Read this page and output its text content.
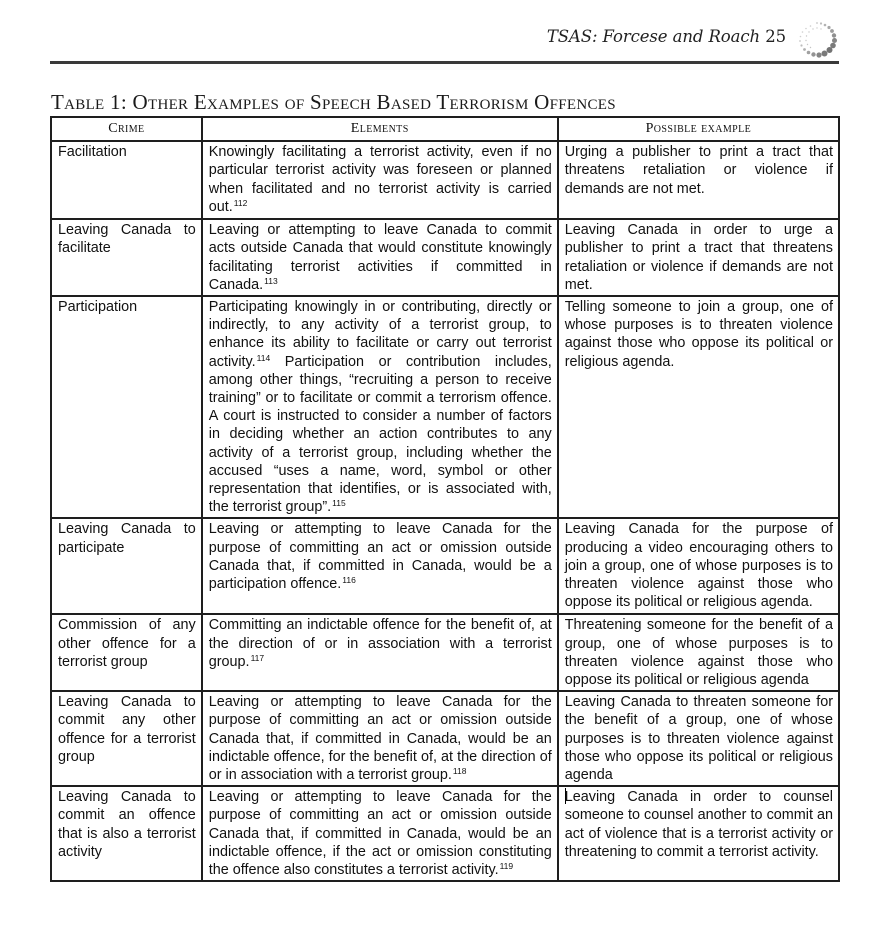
TSAS: Forcese and Roach 25
Table 1: Other Examples of Speech Based Terrorism Offences
Crime	Elements	Possible example
Facilitation	Knowingly facilitating a terrorist activity, even if no particular terrorist activity was foreseen or planned when facilitated and no terrorist activity is carried out.$^{112}$	Urging a publisher to print a tract that threatens retaliation or violence if demands are not met.
Leaving Canada to facilitate	Leaving or attempting to leave Canada to commit acts outside Canada that would constitute knowingly facilitating terrorist activities if committed in Canada.$^{113}$	Leaving Canada in order to urge a publisher to print a tract that threatens retaliation or violence if demands are not met.
Participation	Participating knowingly in or contributing, directly or indirectly, to any activity of a terrorist group, to enhance its ability to facilitate or carry out terrorist activity.$^{114}$ Participation or contribution includes, among other things, “recruiting a person to receive training” or to facilitate or commit a terrorism offence. A court is instructed to consider a number of factors in deciding whether an action contributes to any activity of a terrorist group, including whether the accused “uses a name, word, symbol or other representation that identifies, or is associated with, the terrorist group”.$^{115}$	Telling someone to join a group, one of whose purposes is to threaten violence against those who oppose its political or religious agenda.
Leaving Canada to participate	Leaving or attempting to leave Canada for the purpose of committing an act or omission outside Canada that, if committed in Canada, would be a participation offence.$^{116}$	Leaving Canada for the purpose of producing a video encouraging others to join a group, one of whose purposes is to threaten violence against those who oppose its political or religious agenda.
Commission of any other offence for a terrorist group	Committing an indictable offence for the benefit of, at the direction of or in association with a terrorist group.$^{117}$	Threatening someone for the benefit of a group, one of whose purposes is to threaten violence against those who oppose its political or religious agenda
Leaving Canada to commit any other offence for a terrorist group	Leaving or attempting to leave Canada for the purpose of committing an act or omission outside Canada that, if committed in Canada, would be an indictable offence, for the benefit of, at the direction of or in association with a terrorist group.$^{118}$	Leaving Canada to threaten someone for the benefit of a group, one of whose purposes is to threaten violence against those who oppose its political or religious agenda
Leaving Canada to commit an offence that is also a terrorist activity	Leaving or attempting to leave Canada for the purpose of committing an act or omission outside Canada that, if committed in Canada, would be an indictable offence, if the act or omission constituting the offence also constitutes a terrorist activity.$^{119}$	Leaving Canada in order to counsel someone to counsel another to commit an act of violence that is a terrorist activity or threatening to commit a terrorist activity.
